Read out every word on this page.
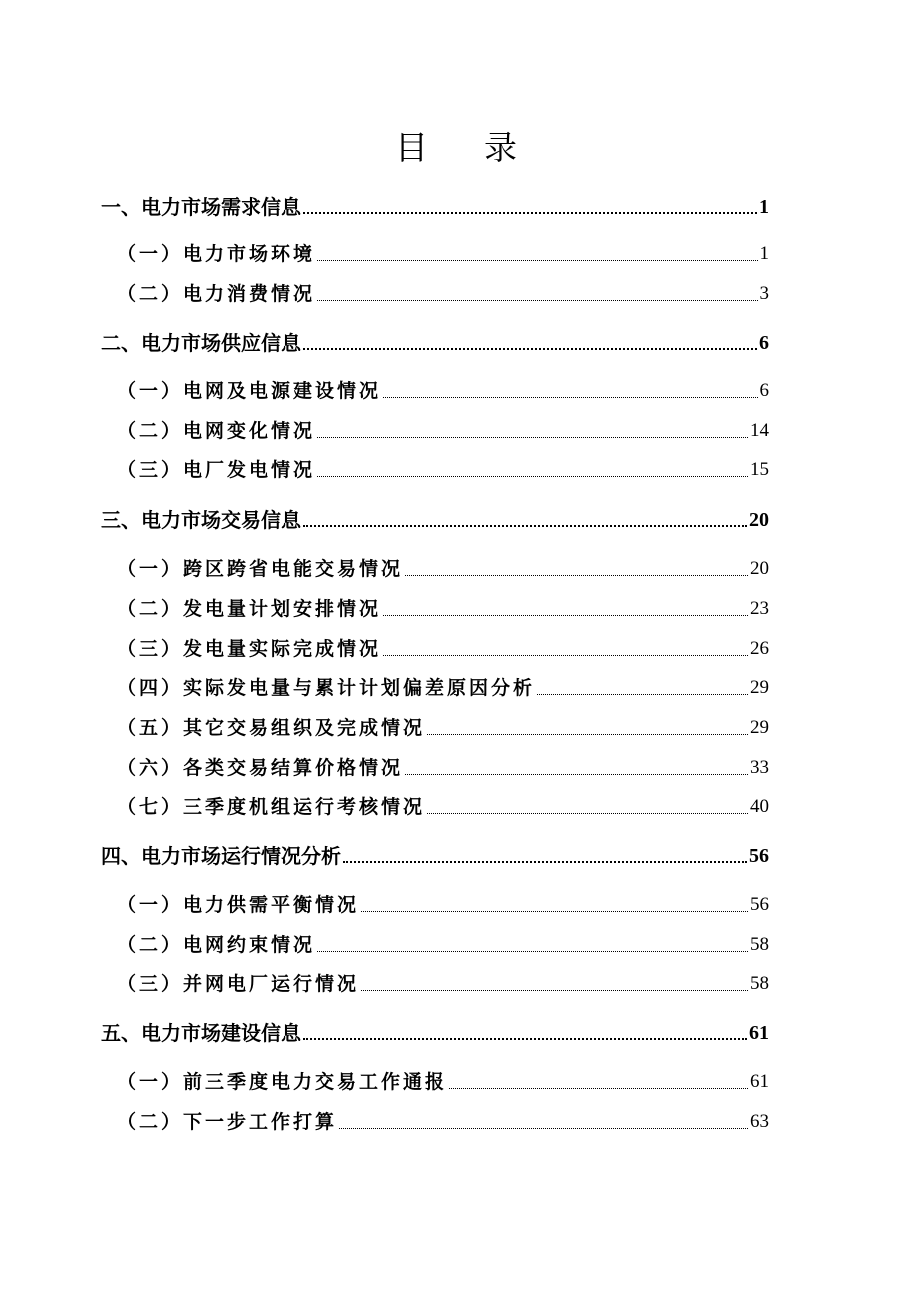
目 录
一、电力市场需求信息	1
（一）电力市场环境	1
（二）电力消费情况	3
二、电力市场供应信息	6
（一）电网及电源建设情况	6
（二）电网变化情况	14
（三）电厂发电情况	15
三、电力市场交易信息	20
（一）跨区跨省电能交易情况	20
（二）发电量计划安排情况	23
（三）发电量实际完成情况	26
（四）实际发电量与累计计划偏差原因分析	29
（五）其它交易组织及完成情况	29
（六）各类交易结算价格情况	33
（七）三季度机组运行考核情况	40
四、电力市场运行情况分析	56
（一）电力供需平衡情况	56
（二）电网约束情况	58
（三）并网电厂运行情况	58
五、电力市场建设信息	61
（一）前三季度电力交易工作通报	61
（二）下一步工作打算	63
